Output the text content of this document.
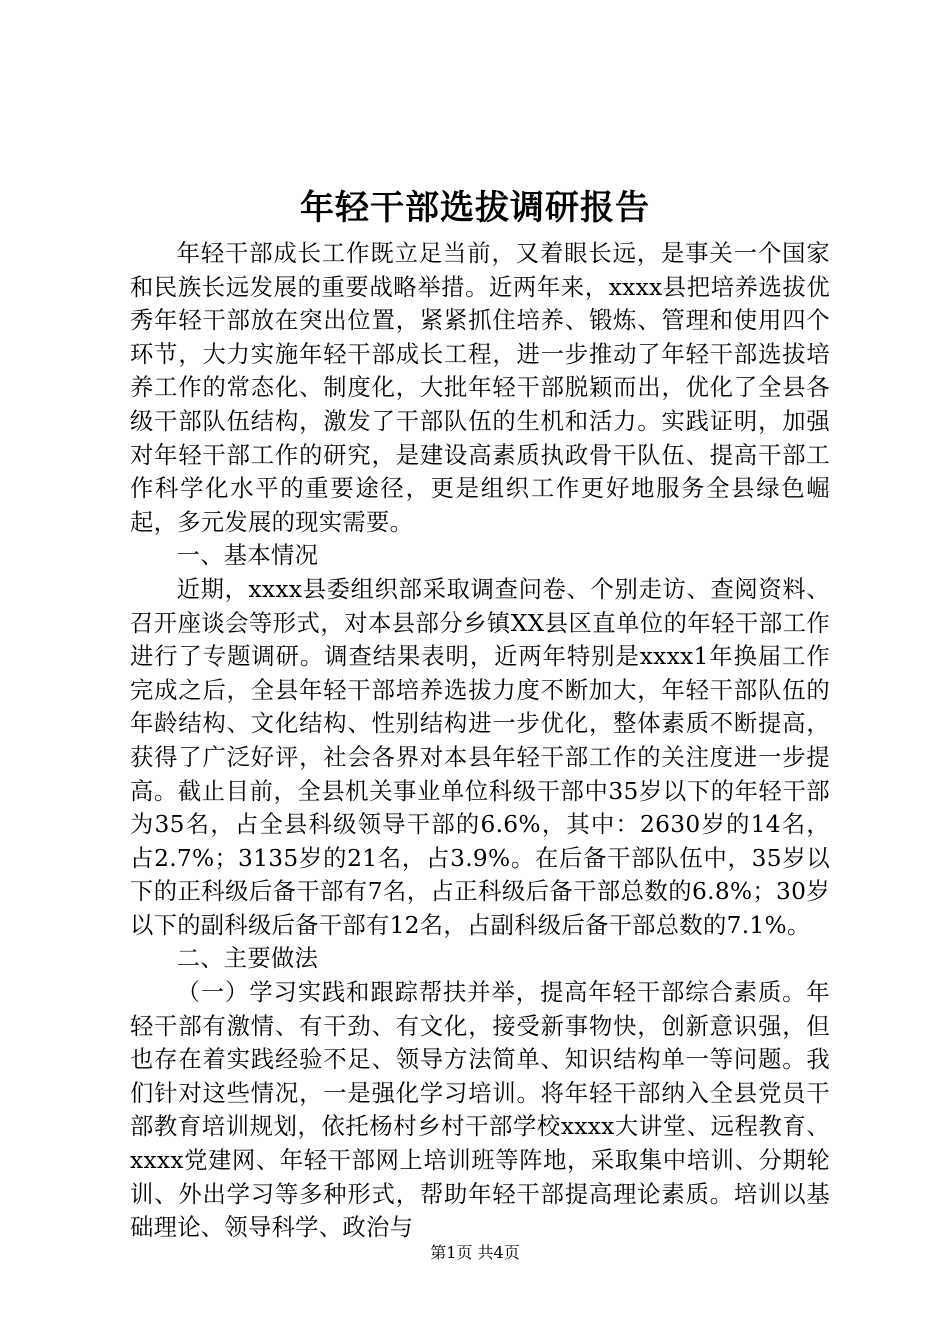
年轻干部选拔调研报告

年轻干部成长工作既立足当前，又着眼长远，是事关一个国家和民族长远发展的重要战略举措。近两年来，xxxx县把培养选拔优秀年轻干部放在突出位置，紧紧抓住培养、锻炼、管理和使用四个环节，大力实施年轻干部成长工程，进一步推动了年轻干部选拔培养工作的常态化、制度化，大批年轻干部脱颖而出，优化了全县各级干部队伍结构，激发了干部队伍的生机和活力。实践证明，加强对年轻干部工作的研究，是建设高素质执政骨干队伍、提高干部工作科学化水平的重要途径，更是组织工作更好地服务全县绿色崛起，多元发展的现实需要。

一、基本情况

近期，xxxx县委组织部采取调查问卷、个别走访、查阅资料、召开座谈会等形式，对本县部分乡镇XX县区直单位的年轻干部工作进行了专题调研。调查结果表明，近两年特别是xxxx1年换届工作完成之后，全县年轻干部培养选拔力度不断加大，年轻干部队伍的年龄结构、文化结构、性别结构进一步优化，整体素质不断提高，获得了广泛好评，社会各界对本县年轻干部工作的关注度进一步提高。截止目前，全县机关事业单位科级干部中35岁以下的年轻干部为35名，占全县科级领导干部的6.6%，其中：2630岁的14名，占2.7%；3135岁的21名，占3.9%。在后备干部队伍中，35岁以下的正科级后备干部有7名，占正科级后备干部总数的6.8%；30岁以下的副科级后备干部有12名，占副科级后备干部总数的7.1%。

二、主要做法

（一）学习实践和跟踪帮扶并举，提高年轻干部综合素质。年轻干部有激情、有干劲、有文化，接受新事物快，创新意识强，但也存在着实践经验不足、领导方法简单、知识结构单一等问题。我们针对这些情况，一是强化学习培训。将年轻干部纳入全县党员干部教育培训规划，依托杨村乡村干部学校xxxx大讲堂、远程教育、xxxx党建网、年轻干部网上培训班等阵地，采取集中培训、分期轮训、外出学习等多种形式，帮助年轻干部提高理论素质。培训以基础理论、领导科学、政治与

第1页 共4页
